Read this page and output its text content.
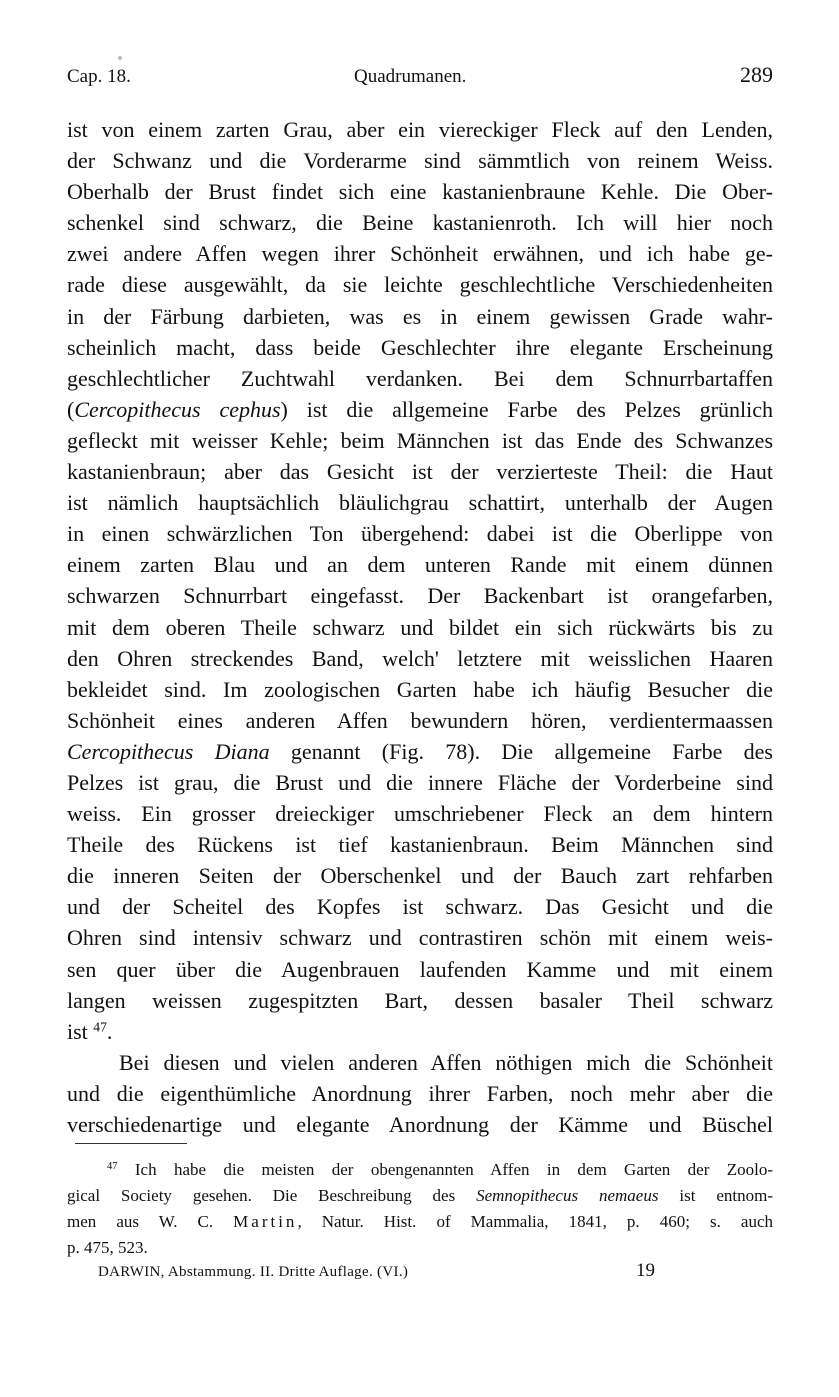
Cap. 18.	Quadrumanen.	289
ist von einem zarten Grau, aber ein viereckiger Fleck auf den Lenden,
der Schwanz und die Vorderarme sind sämmtlich von reinem Weiss.
Oberhalb der Brust findet sich eine kastanienbraune Kehle. Die Ober-
schenkel sind schwarz, die Beine kastanienroth. Ich will hier noch
zwei andere Affen wegen ihrer Schönheit erwähnen, und ich habe ge-
rade diese ausgewählt, da sie leichte geschlechtliche Verschiedenheiten
in der Färbung darbieten, was es in einem gewissen Grade wahr-
scheinlich macht, dass beide Geschlechter ihre elegante Erscheinung
geschlechtlicher Zuchtwahl verdanken. Bei dem Schnurrbartaffen
(Cercopithecus cephus) ist die allgemeine Farbe des Pelzes grünlich
gefleckt mit weisser Kehle; beim Männchen ist das Ende des Schwanzes
kastanienbraun; aber das Gesicht ist der verzierteste Theil: die Haut
ist nämlich hauptsächlich bläulichgrau schattirt, unterhalb der Augen
in einen schwärzlichen Ton übergehend: dabei ist die Oberlippe von
einem zarten Blau und an dem unteren Rande mit einem dünnen
schwarzen Schnurrbart eingefasst. Der Backenbart ist orangefarben,
mit dem oberen Theile schwarz und bildet ein sich rückwärts bis zu
den Ohren streckendes Band, welch' letztere mit weisslichen Haaren
bekleidet sind. Im zoologischen Garten habe ich häufig Besucher die
Schönheit eines anderen Affen bewundern hören, verdientermaassen
Cercopithecus Diana genannt (Fig. 78). Die allgemeine Farbe des
Pelzes ist grau, die Brust und die innere Fläche der Vorderbeine sind
weiss. Ein grosser dreieckiger umschriebener Fleck an dem hintern
Theile des Rückens ist tief kastanienbraun. Beim Männchen sind
die inneren Seiten der Oberschenkel und der Bauch zart rehfarben
und der Scheitel des Kopfes ist schwarz. Das Gesicht und die
Ohren sind intensiv schwarz und contrastiren schön mit einem weis-
sen quer über die Augenbrauen laufenden Kamme und mit einem
langen weissen zugespitzten Bart, dessen basaler Theil schwarz
ist $^{47}$.
Bei diesen und vielen anderen Affen nöthigen mich die Schönheit
und die eigenthümliche Anordnung ihrer Farben, noch mehr aber die
verschiedenartige und elegante Anordnung der Kämme und Büschel
$^{47}$ Ich habe die meisten der obengenannten Affen in dem Garten der Zoolo-
gical Society gesehen. Die Beschreibung des Semnopithecus nemaeus ist entnom-
men aus W. C. Martin, Natur. Hist. of Mammalia, 1841, p. 460; s. auch
p. 475, 523.
DARWIN, Abstammung. II. Dritte Auflage. (VI.)	19
